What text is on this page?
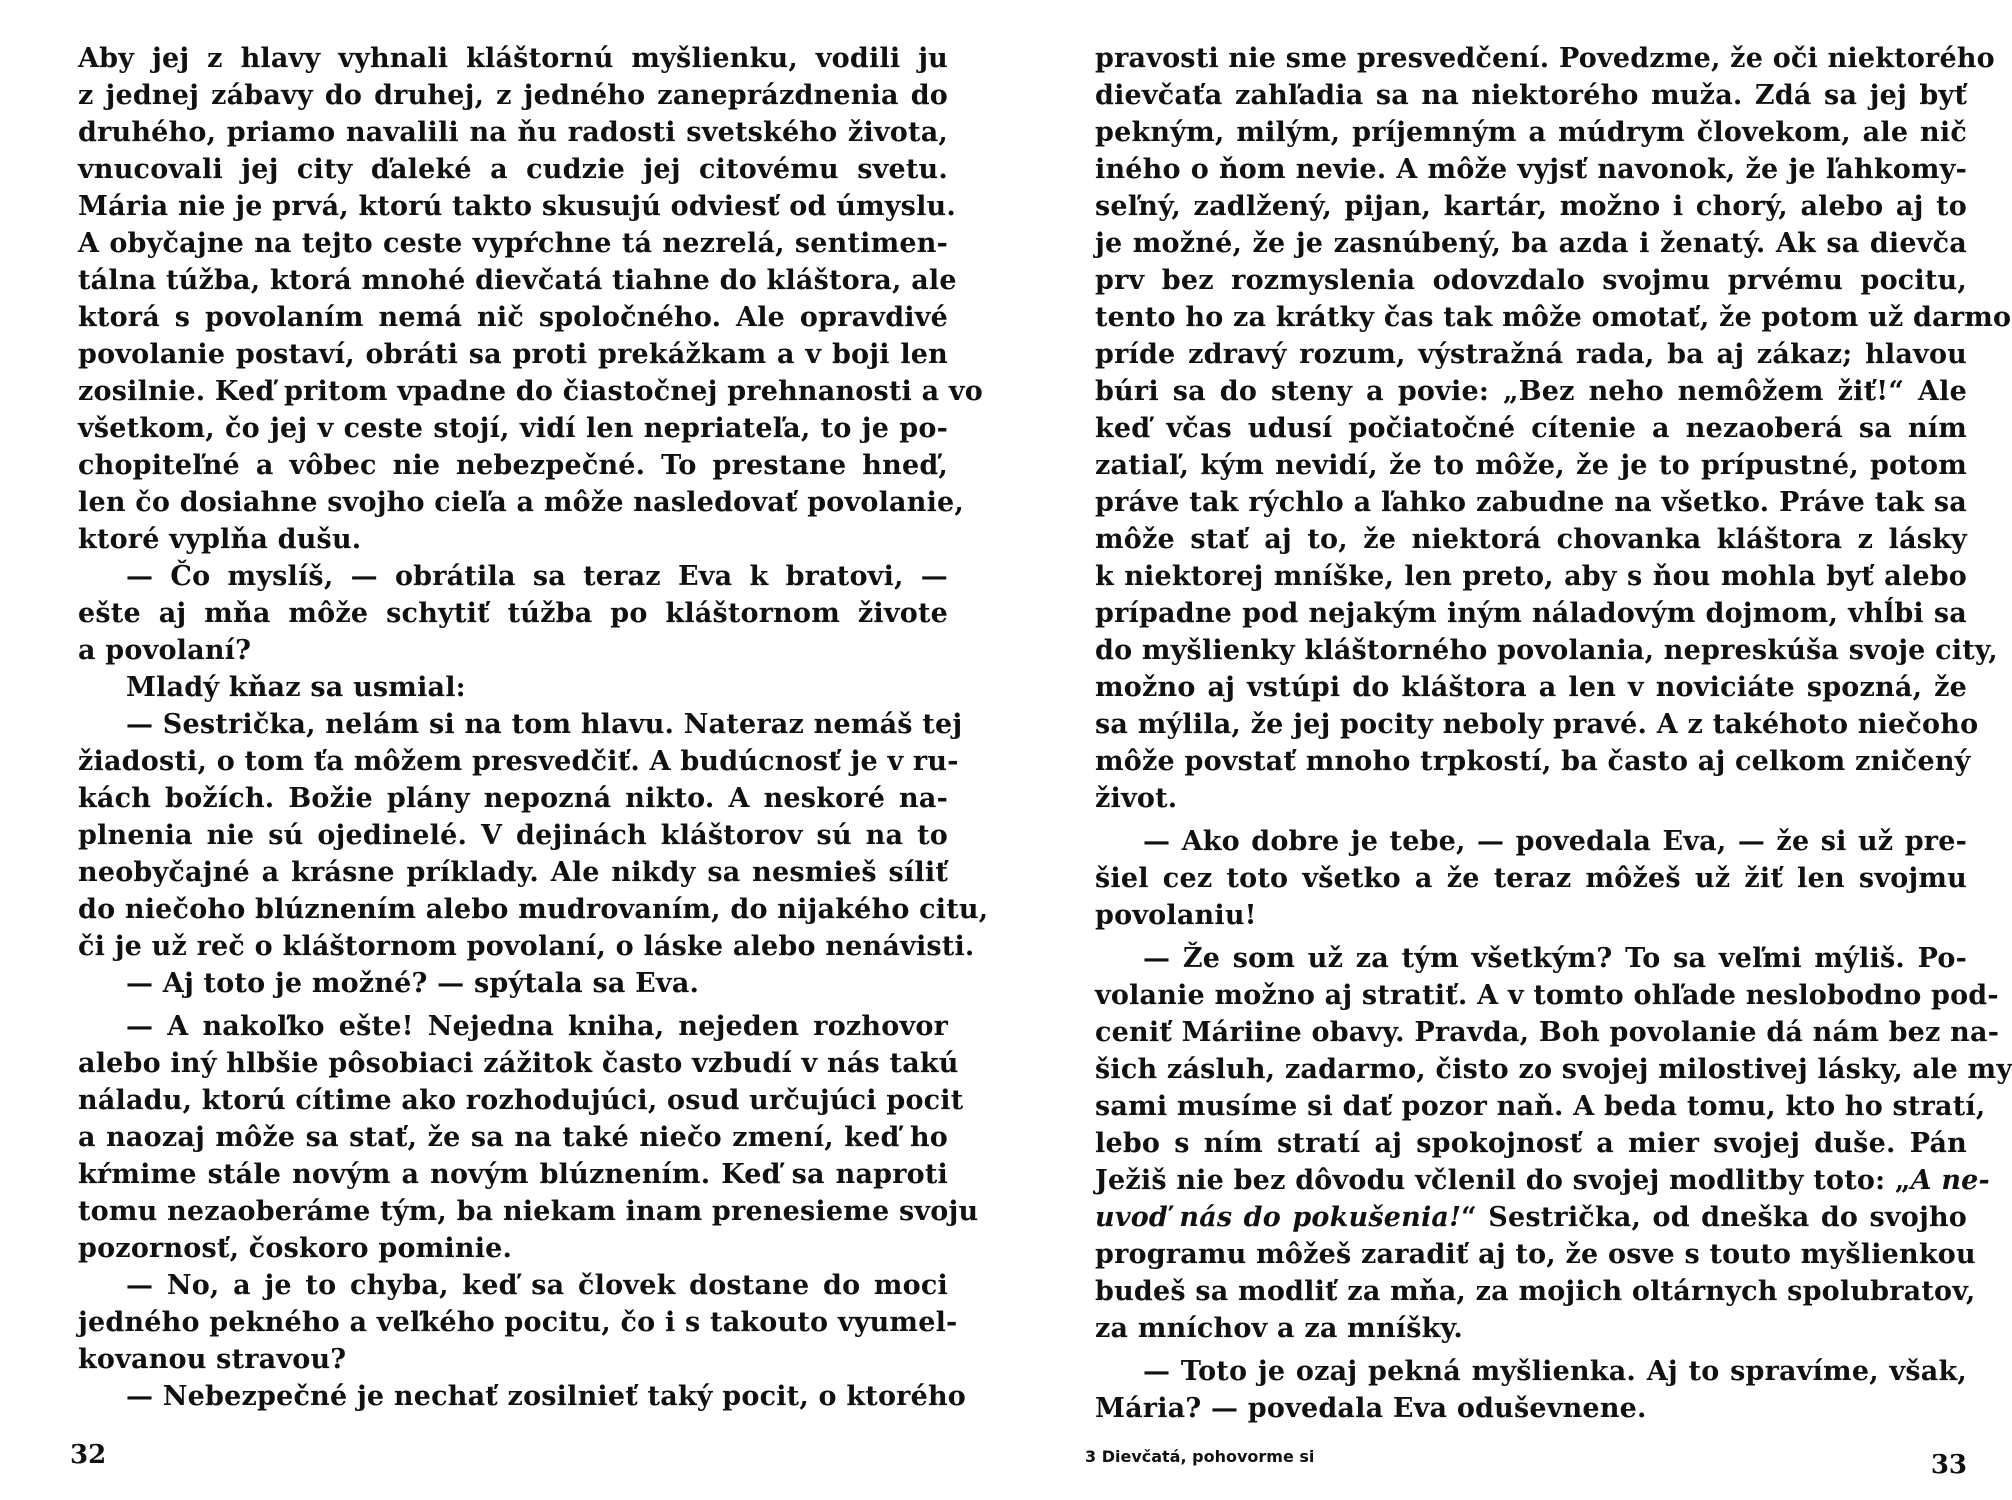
Aby jej z hlavy vyhnali kláštornú myšlienku, vodili ju
z jednej zábavy do druhej, z jedného zaneprázdnenia do
druhého, priamo navalili na ňu radosti svetského života,
vnucovali jej city ďaleké a cudzie jej citovému svetu.
Mária nie je prvá, ktorú takto skusujú odviesť od úmyslu.
A obyčajne na tejto ceste vypŕchne tá nezrelá, sentimen-
tálna túžba, ktorá mnohé dievčatá tiahne do kláštora, ale
ktorá s povolaním nemá nič spoločného. Ale opravdivé
povolanie postaví, obráti sa proti prekážkam a v boji len
zosilnie. Keď pritom vpadne do čiastočnej prehnanosti a vo
všetkom, čo jej v ceste stojí, vidí len nepriateľa, to je po-
chopiteľné a vôbec nie nebezpečné. To prestane hneď,
len čo dosiahne svojho cieľa a môže nasledovať povolanie,
ktoré vyplňa dušu.
— Čo myslíš, — obrátila sa teraz Eva k bratovi, —
ešte aj mňa môže schytiť túžba po kláštornom živote
a povolaní?
Mladý kňaz sa usmial:
— Sestrička, nelám si na tom hlavu. Nateraz nemáš tej
žiadosti, o tom ťa môžem presvedčiť. A budúcnosť je v ru-
kách božích. Božie plány nepozná nikto. A neskoré na-
plnenia nie sú ojedinelé. V dejinách kláštorov sú na to
neobyčajné a krásne príklady. Ale nikdy sa nesmieš síliť
do niečoho blúznením alebo mudrovaním, do nijakého citu,
či je už reč o kláštornom povolaní, o láske alebo nenávisti.
— Aj toto je možné? — spýtala sa Eva.
— A nakoľko ešte! Nejedna kniha, nejeden rozhovor
alebo iný hlbšie pôsobiaci zážitok často vzbudí v nás takú
náladu, ktorú cítime ako rozhodujúci, osud určujúci pocit
a naozaj môže sa stať, že sa na také niečo zmení, keď ho
kŕmime stále novým a novým blúznením. Keď sa naproti
tomu nezaoberáme tým, ba niekam inam prenesieme svoju
pozornosť, čoskoro pominie.
— No, a je to chyba, keď sa človek dostane do moci
jedného pekného a veľkého pocitu, čo i s takouto vyumel-
kovanou stravou?
— Nebezpečné je nechať zosilnieť taký pocit, o ktorého
32
pravosti nie sme presvedčení. Povedzme, že oči niektorého
dievčaťa zahľadia sa na niektorého muža. Zdá sa jej byť
pekným, milým, príjemným a múdrym človekom, ale nič
iného o ňom nevie. A môže vyjsť navonok, že je ľahkomy-
seľný, zadlžený, pijan, kartár, možno i chorý, alebo aj to
je možné, že je zasnúbený, ba azda i ženatý. Ak sa dievča
prv bez rozmyslenia odovzdalo svojmu prvému pocitu,
tento ho za krátky čas tak môže omotať, že potom už darmo
príde zdravý rozum, výstražná rada, ba aj zákaz; hlavou
búri sa do steny a povie: „Bez neho nemôžem žiť!“ Ale
keď včas udusí počiatočné cítenie a nezaoberá sa ním
zatiaľ, kým nevidí, že to môže, že je to prípustné, potom
práve tak rýchlo a ľahko zabudne na všetko. Práve tak sa
môže stať aj to, že niektorá chovanka kláštora z lásky
k niektorej mníške, len preto, aby s ňou mohla byť alebo
prípadne pod nejakým iným náladovým dojmom, vhĺbi sa
do myšlienky kláštorného povolania, nepreskúša svoje city,
možno aj vstúpi do kláštora a len v noviciáte spozná, že
sa mýlila, že jej pocity neboly pravé. A z takéhoto niečoho
môže povstať mnoho trpkostí, ba často aj celkom zničený
život.
— Ako dobre je tebe, — povedala Eva, — že si už pre-
šiel cez toto všetko a že teraz môžeš už žiť len svojmu
povolaniu!
— Že som už za tým všetkým? To sa veľmi mýliš. Po-
volanie možno aj stratiť. A v tomto ohľade neslobodno pod-
ceniť Máriine obavy. Pravda, Boh povolanie dá nám bez na-
šich zásluh, zadarmo, čisto zo svojej milostivej lásky, ale my
sami musíme si dať pozor naň. A beda tomu, kto ho stratí,
lebo s ním stratí aj spokojnosť a mier svojej duše. Pán
Ježiš nie bez dôvodu včlenil do svojej modlitby toto: „A ne-
uvoď nás do pokušenia!“ Sestrička, od dneška do svojho
programu môžeš zaradiť aj to, že osve s touto myšlienkou
budeš sa modliť za mňa, za mojich oltárnych spolubratov,
za mníchov a za mníšky.
— Toto je ozaj pekná myšlienka. Aj to spravíme, však,
Mária? — povedala Eva oduševnene.
3 Dievčatá, pohovorme si	33
